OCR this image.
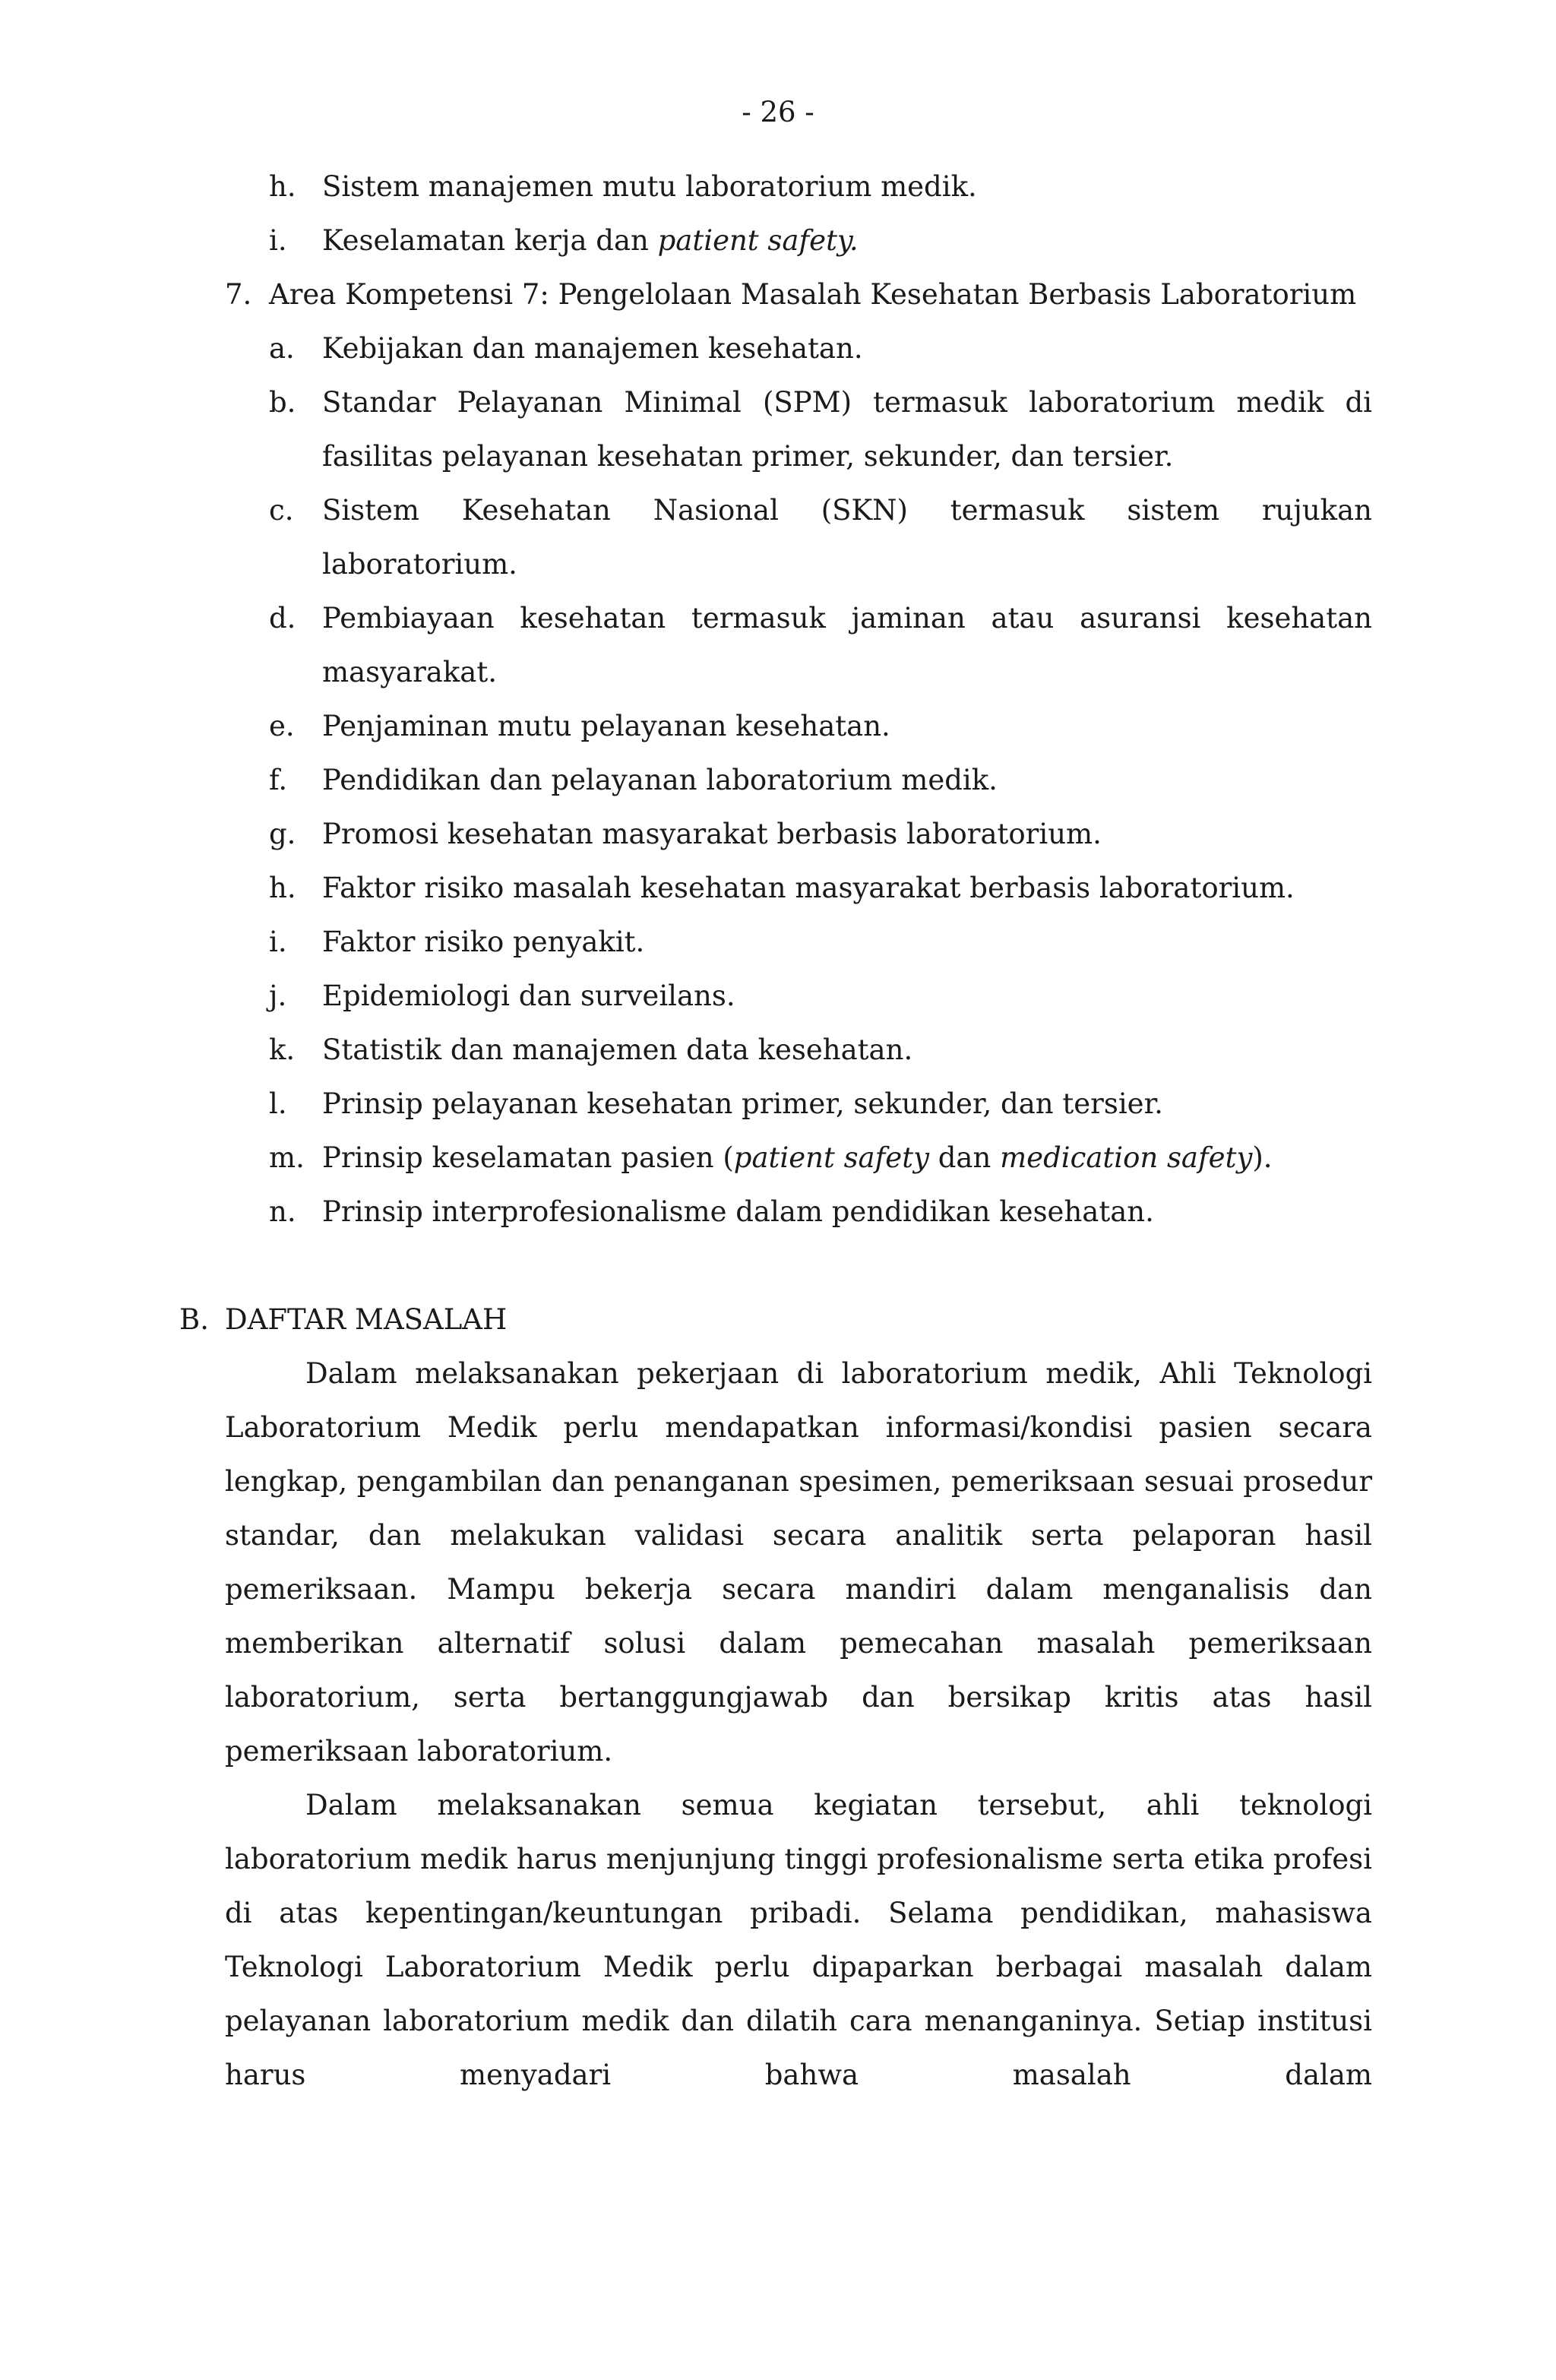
- 26 -
h. Sistem manajemen mutu laboratorium medik.
i.	Keselamatan kerja dan patient safety.
7. Area Kompetensi 7: Pengelolaan Masalah Kesehatan Berbasis Laboratorium
a. Kebijakan dan manajemen kesehatan.
b. Standar Pelayanan Minimal (SPM) termasuk laboratorium medik di fasilitas pelayanan kesehatan primer, sekunder, dan tersier.
c.	Sistem Kesehatan Nasional (SKN) termasuk sistem rujukan laboratorium.
d. Pembiayaan kesehatan termasuk jaminan atau asuransi kesehatan masyarakat.
e. Penjaminan mutu pelayanan kesehatan.
f.	Pendidikan dan pelayanan laboratorium medik.
g. Promosi kesehatan masyarakat berbasis laboratorium.
h. Faktor risiko masalah kesehatan masyarakat berbasis laboratorium.
i.	Faktor risiko penyakit.
j.	Epidemiologi dan surveilans.
k. Statistik dan manajemen data kesehatan.
l.	Prinsip pelayanan kesehatan primer, sekunder, dan tersier.
m. Prinsip keselamatan pasien (patient safety dan medication safety).
n. Prinsip interprofesionalisme dalam pendidikan kesehatan.
B. DAFTAR MASALAH
Dalam melaksanakan pekerjaan di laboratorium medik, Ahli Teknologi Laboratorium Medik perlu mendapatkan informasi/kondisi pasien secara lengkap, pengambilan dan penanganan spesimen, pemeriksaan sesuai prosedur standar, dan melakukan validasi secara analitik serta pelaporan hasil pemeriksaan. Mampu bekerja secara mandiri dalam menganalisis dan memberikan alternatif solusi dalam pemecahan masalah pemeriksaan laboratorium, serta bertanggungjawab dan bersikap kritis atas hasil pemeriksaan laboratorium.
Dalam melaksanakan semua kegiatan tersebut, ahli teknologi laboratorium medik harus menjunjung tinggi profesionalisme serta etika profesi di atas kepentingan/keuntungan pribadi. Selama pendidikan, mahasiswa Teknologi Laboratorium Medik perlu dipaparkan berbagai masalah dalam pelayanan laboratorium medik dan dilatih cara menanganinya. Setiap institusi harus menyadari bahwa masalah dalam
